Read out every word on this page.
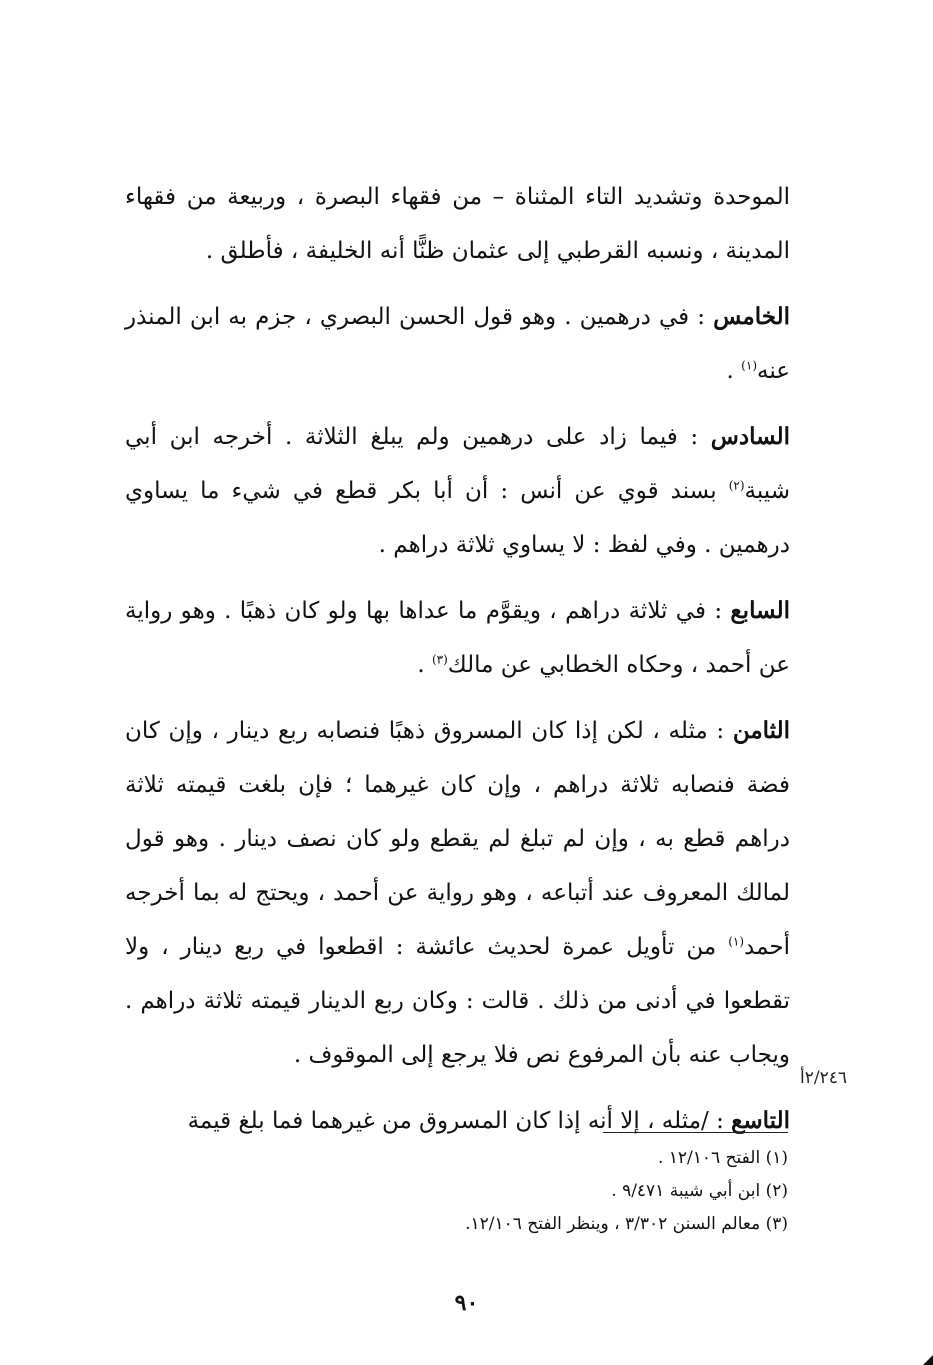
الموحدة وتشديد التاء المثناة – من فقهاء البصرة ، وربيعة من فقهاء المدينة ، ونسبه القرطبي إلى عثمان ظنًّا أنه الخليفة ، فأطلق .

الخامس : في درهمين . وهو قول الحسن البصري ، جزم به ابن المنذر عنه$^{(١)}$ .

السادس : فيما زاد على درهمين ولم يبلغ الثلاثة . أخرجه ابن أبي شيبة$^{(٢)}$ بسند قوي عن أنس : أن أبا بكر قطع في شيء ما يساوي درهمين . وفي لفظ : لا يساوي ثلاثة دراهم .

السابع : في ثلاثة دراهم ، ويقوَّم ما عداها بها ولو كان ذهبًا . وهو رواية عن أحمد ، وحكاه الخطابي عن مالك$^{(٣)}$ .

الثامن : مثله ، لكن إذا كان المسروق ذهبًا فنصابه ربع دينار ، وإن كان فضة فنصابه ثلاثة دراهم ، وإن كان غيرهما ؛ فإن بلغت قيمته ثلاثة دراهم قطع به ، وإن لم تبلغ لم يقطع ولو كان نصف دينار . وهو قول لمالك المعروف عند أتباعه ، وهو رواية عن أحمد ، ويحتج له بما أخرجه أحمد$^{(١)}$ من تأويل عمرة لحديث عائشة : اقطعوا في ربع دينار ، ولا تقطعوا في أدنى من ذلك . قالت : وكان ربع الدينار قيمته ثلاثة دراهم . ويجاب عنه بأن المرفوع نص فلا يرجع إلى الموقوف .

التاسع : /مثله ، إلا أنه إذا كان المسروق من غيرهما فما بلغ قيمة

٢/٢٤٦أ

(١) الفتح ١٢/١٠٦ .

(٢) ابن أبي شيبة ٩/٤٧١ .

(٣) معالم السنن ٣/٣٠٢ ، وينظر الفتح ١٢/١٠٦.

٩٠
